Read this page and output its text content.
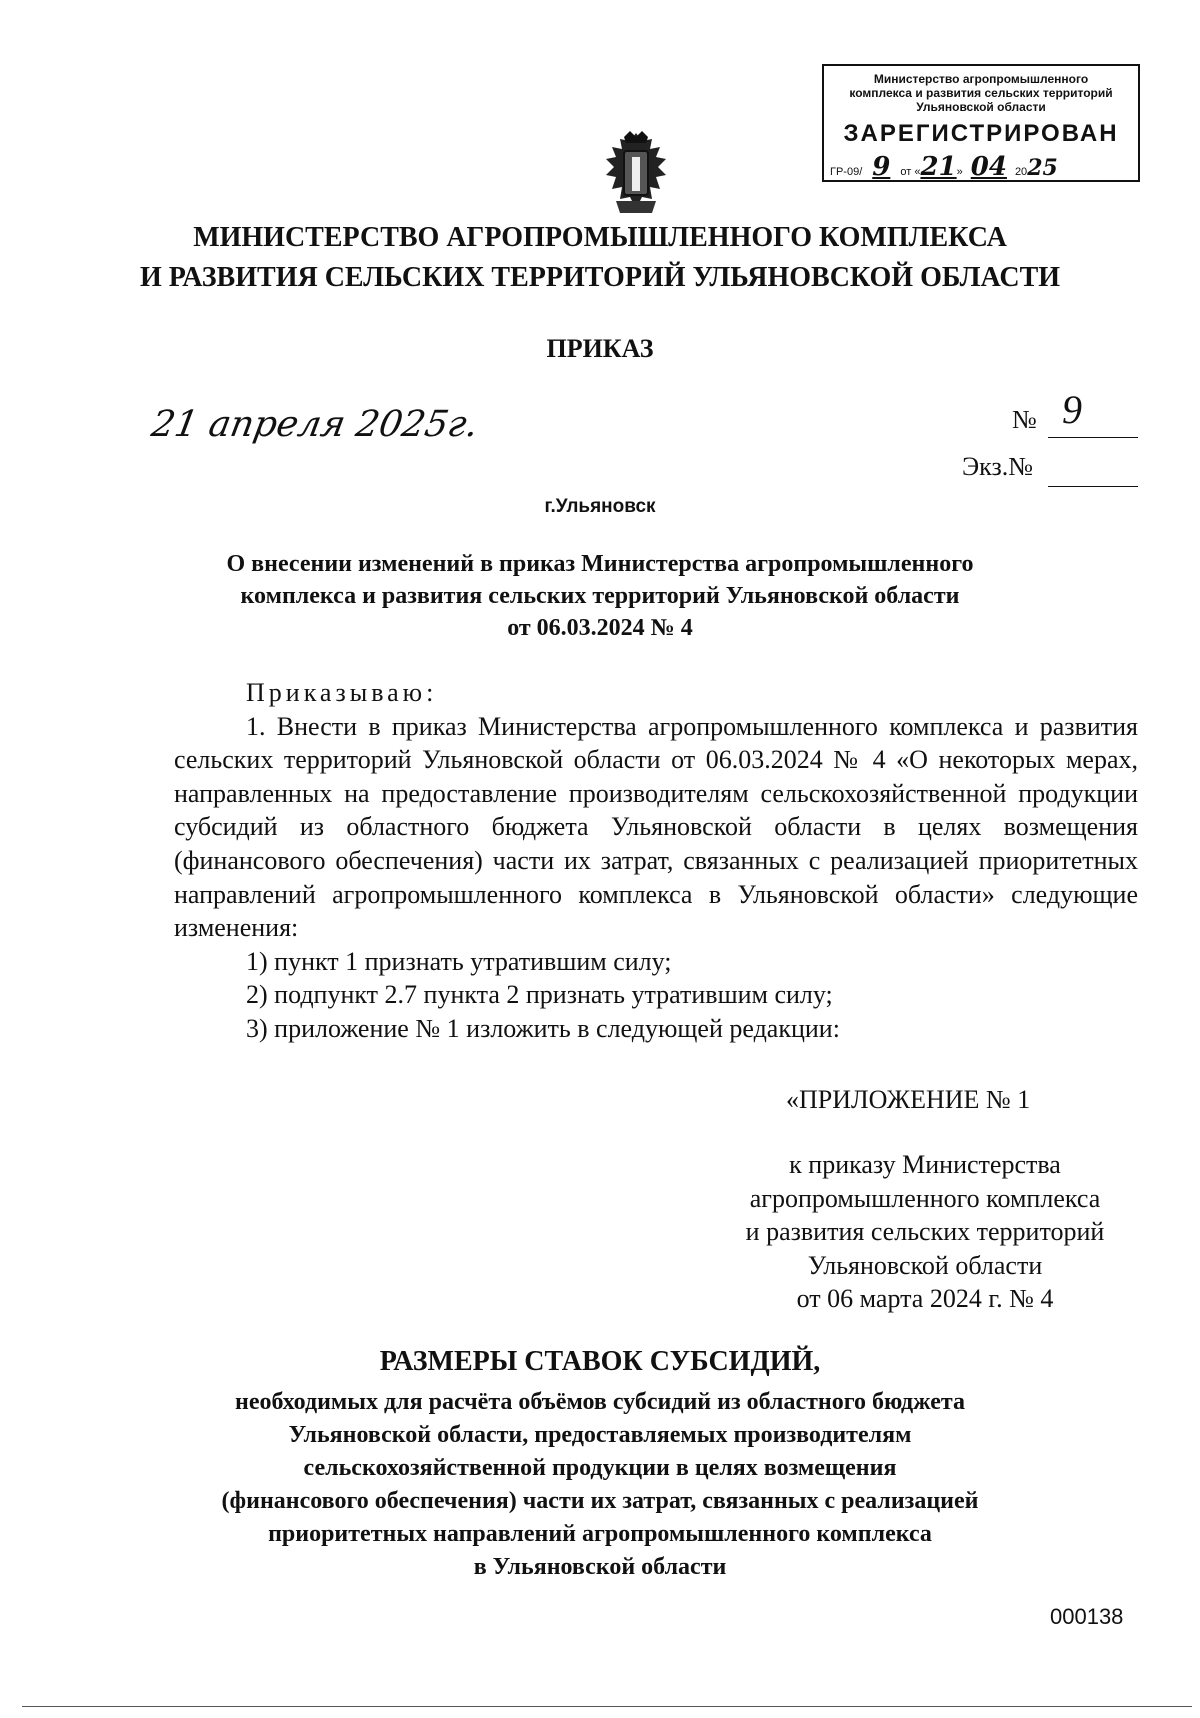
Министерство агропромышленного
комплекса и развития сельских территорий
Ульяновской области
ЗАРЕГИСТРИРОВАН
ГР-09/ 9 от «21» 04 2025
МИНИСТЕРСТВО АГРОПРОМЫШЛЕННОГО КОМПЛЕКСА
И РАЗВИТИЯ СЕЛЬСКИХ ТЕРРИТОРИЙ УЛЬЯНОВСКОЙ ОБЛАСТИ
ПРИКАЗ
21 апреля 2025г.	№ 9
Экз.№
г.Ульяновск
О внесении изменений в приказ Министерства агропромышленного
комплекса и развития сельских территорий Ульяновской области
от 06.03.2024 № 4

Приказываю:

1. Внести в приказ Министерства агропромышленного комплекса и развития сельских территорий Ульяновской области от 06.03.2024 № 4 «О некоторых мерах, направленных на предоставление производителям сельскохозяйственной продукции субсидий из областного бюджета Ульяновской области в целях возмещения (финансового обеспечения) части их затрат, связанных с реализацией приоритетных направлений агропромышленного комплекса в Ульяновской области» следующие изменения:

1) пункт 1 признать утратившим силу;

2) подпункт 2.7 пункта 2 признать утратившим силу;

3) приложение № 1 изложить в следующей редакции:

«ПРИЛОЖЕНИЕ № 1
к приказу Министерства
агропромышленного комплекса
и развития сельских территорий
Ульяновской области
от 06 марта 2024 г. № 4
РАЗМЕРЫ СТАВОК СУБСИДИЙ,
необходимых для расчёта объёмов субсидий из областного бюджета
Ульяновской области, предоставляемых производителям
сельскохозяйственной продукции в целях возмещения
(финансового обеспечения) части их затрат, связанных с реализацией
приоритетных направлений агропромышленного комплекса
в Ульяновской области
000138
